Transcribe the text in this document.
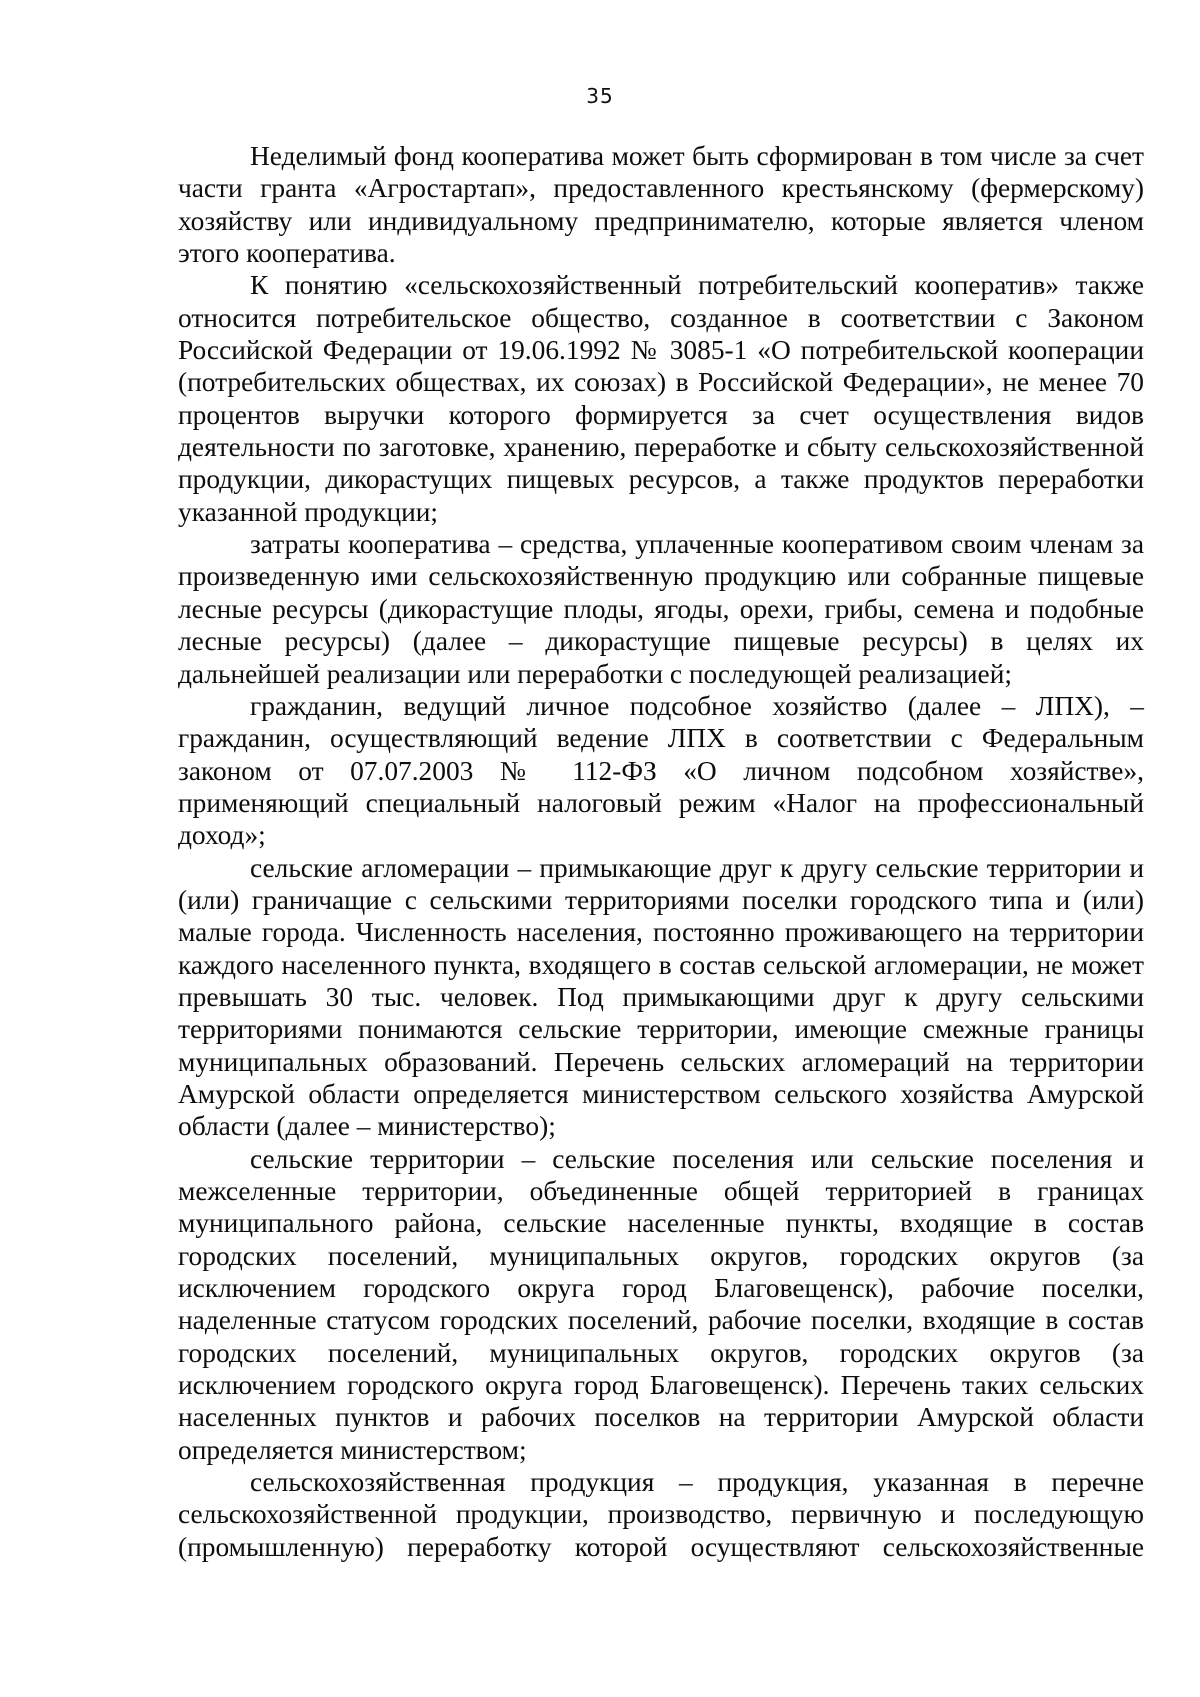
35

Неделимый фонд кооператива может быть сформирован в том числе за счет части гранта «Агростартап», предоставленного крестьянскому (фермерскому) хозяйству или индивидуальному предпринимателю, которые является членом этого кооператива.

К понятию «сельскохозяйственный потребительский кооператив» также относится потребительское общество, созданное в соответствии с Законом Российской Федерации от 19.06.1992 № 3085-1 «О потребительской кооперации (потребительских обществах, их союзах) в Российской Федерации», не менее 70 процентов выручки которого формируется за счет осуществления видов деятельности по заготовке, хранению, переработке и сбыту сельскохозяйственной продукции, дикорастущих пищевых ресурсов, а также продуктов переработки указанной продукции;

затраты кооператива – средства, уплаченные кооперативом своим членам за произведенную ими сельскохозяйственную продукцию или собранные пищевые лесные ресурсы (дикорастущие плоды, ягоды, орехи, грибы, семена и подобные лесные ресурсы) (далее – дикорастущие пищевые ресурсы) в целях их дальнейшей реализации или переработки с последующей реализацией;

гражданин, ведущий личное подсобное хозяйство (далее – ЛПХ), – гражданин, осуществляющий ведение ЛПХ в соответствии с Федеральным законом от 07.07.2003 № 112-ФЗ «О личном подсобном хозяйстве», применяющий специальный налоговый режим «Налог на профессиональный доход»;

сельские агломерации – примыкающие друг к другу сельские территории и (или) граничащие с сельскими территориями поселки городского типа и (или) малые города. Численность населения, постоянно проживающего на территории каждого населенного пункта, входящего в состав сельской агломерации, не может превышать 30 тыс. человек. Под примыкающими друг к другу сельскими территориями понимаются сельские территории, имеющие смежные границы муниципальных образований. Перечень сельских агломераций на территории Амурской области определяется министерством сельского хозяйства Амурской области (далее – министерство);

сельские территории – сельские поселения или сельские поселения и межселенные территории, объединенные общей территорией в границах муниципального района, сельские населенные пункты, входящие в состав городских поселений, муниципальных округов, городских округов (за исключением городского округа город Благовещенск), рабочие поселки, наделенные статусом городских поселений, рабочие поселки, входящие в состав городских поселений, муниципальных округов, городских округов (за исключением городского округа город Благовещенск). Перечень таких сельских населенных пунктов и рабочих поселков на территории Амурской области определяется министерством;

сельскохозяйственная продукция – продукция, указанная в перечне сельскохозяйственной продукции, производство, первичную и последующую (промышленную) переработку которой осуществляют сельскохозяйственные
